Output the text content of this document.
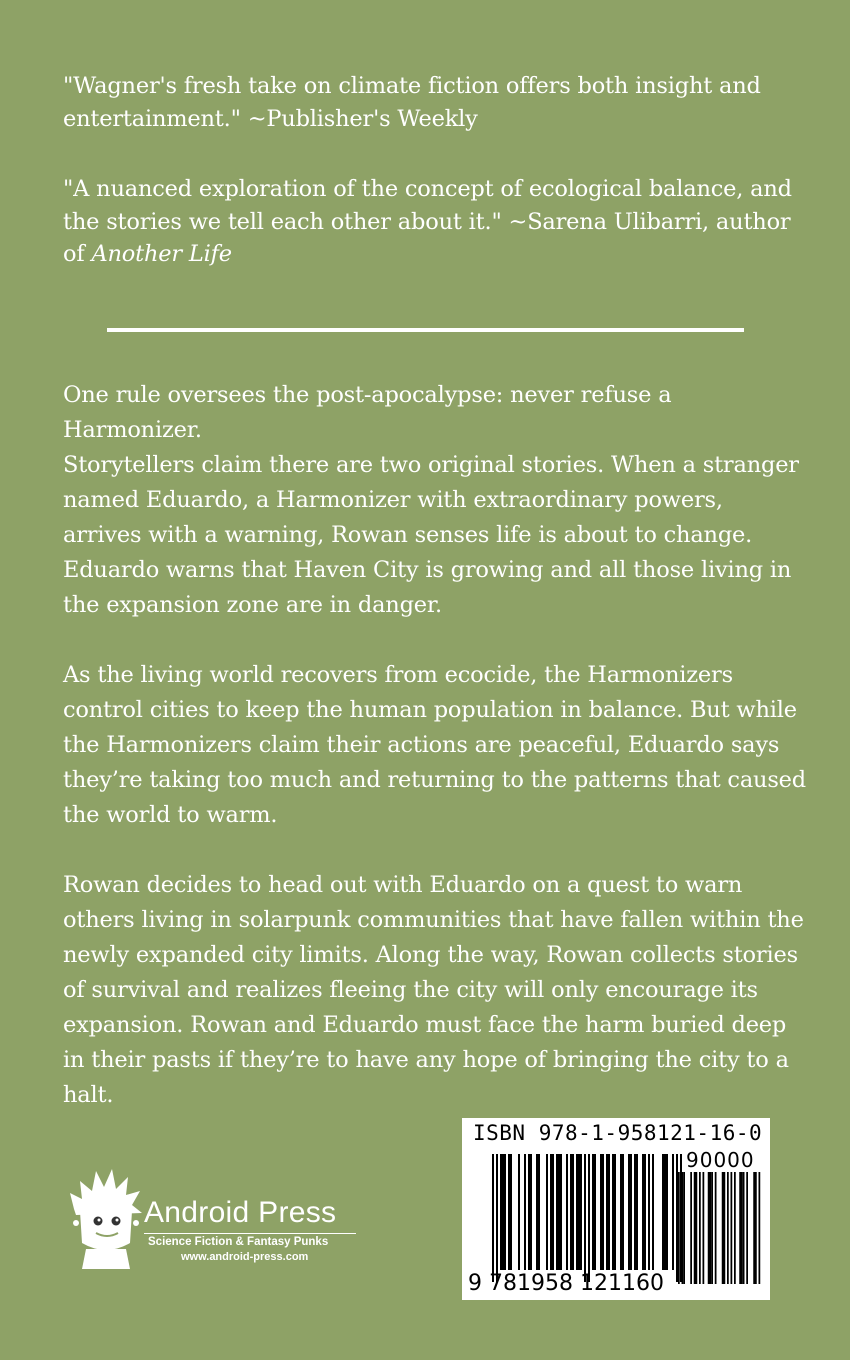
"Wagner's fresh take on climate fiction offers both insight and entertainment." ~Publisher's Weekly
"A nuanced exploration of the concept of ecological balance, and the stories we tell each other about it." ~Sarena Ulibarri, author of Another Life
One rule oversees the post-apocalypse: never refuse a Harmonizer.
Storytellers claim there are two original stories. When a stranger named Eduardo, a Harmonizer with extraordinary powers, arrives with a warning, Rowan senses life is about to change. Eduardo warns that Haven City is growing and all those living in the expansion zone are in danger.
As the living world recovers from ecocide, the Harmonizers control cities to keep the human population in balance. But while the Harmonizers claim their actions are peaceful, Eduardo says they’re taking too much and returning to the patterns that caused the world to warm.
Rowan decides to head out with Eduardo on a quest to warn others living in solarpunk communities that have fallen within the newly expanded city limits. Along the way, Rowan collects stories of survival and realizes fleeing the city will only encourage its expansion. Rowan and Eduardo must face the harm buried deep in their pasts if they’re to have any hope of bringing the city to a halt.
Android Press
Science Fiction & Fantasy Punks
www.android-press.com
ISBN 978-1-958121-16-0
90000
9 781958 121160
